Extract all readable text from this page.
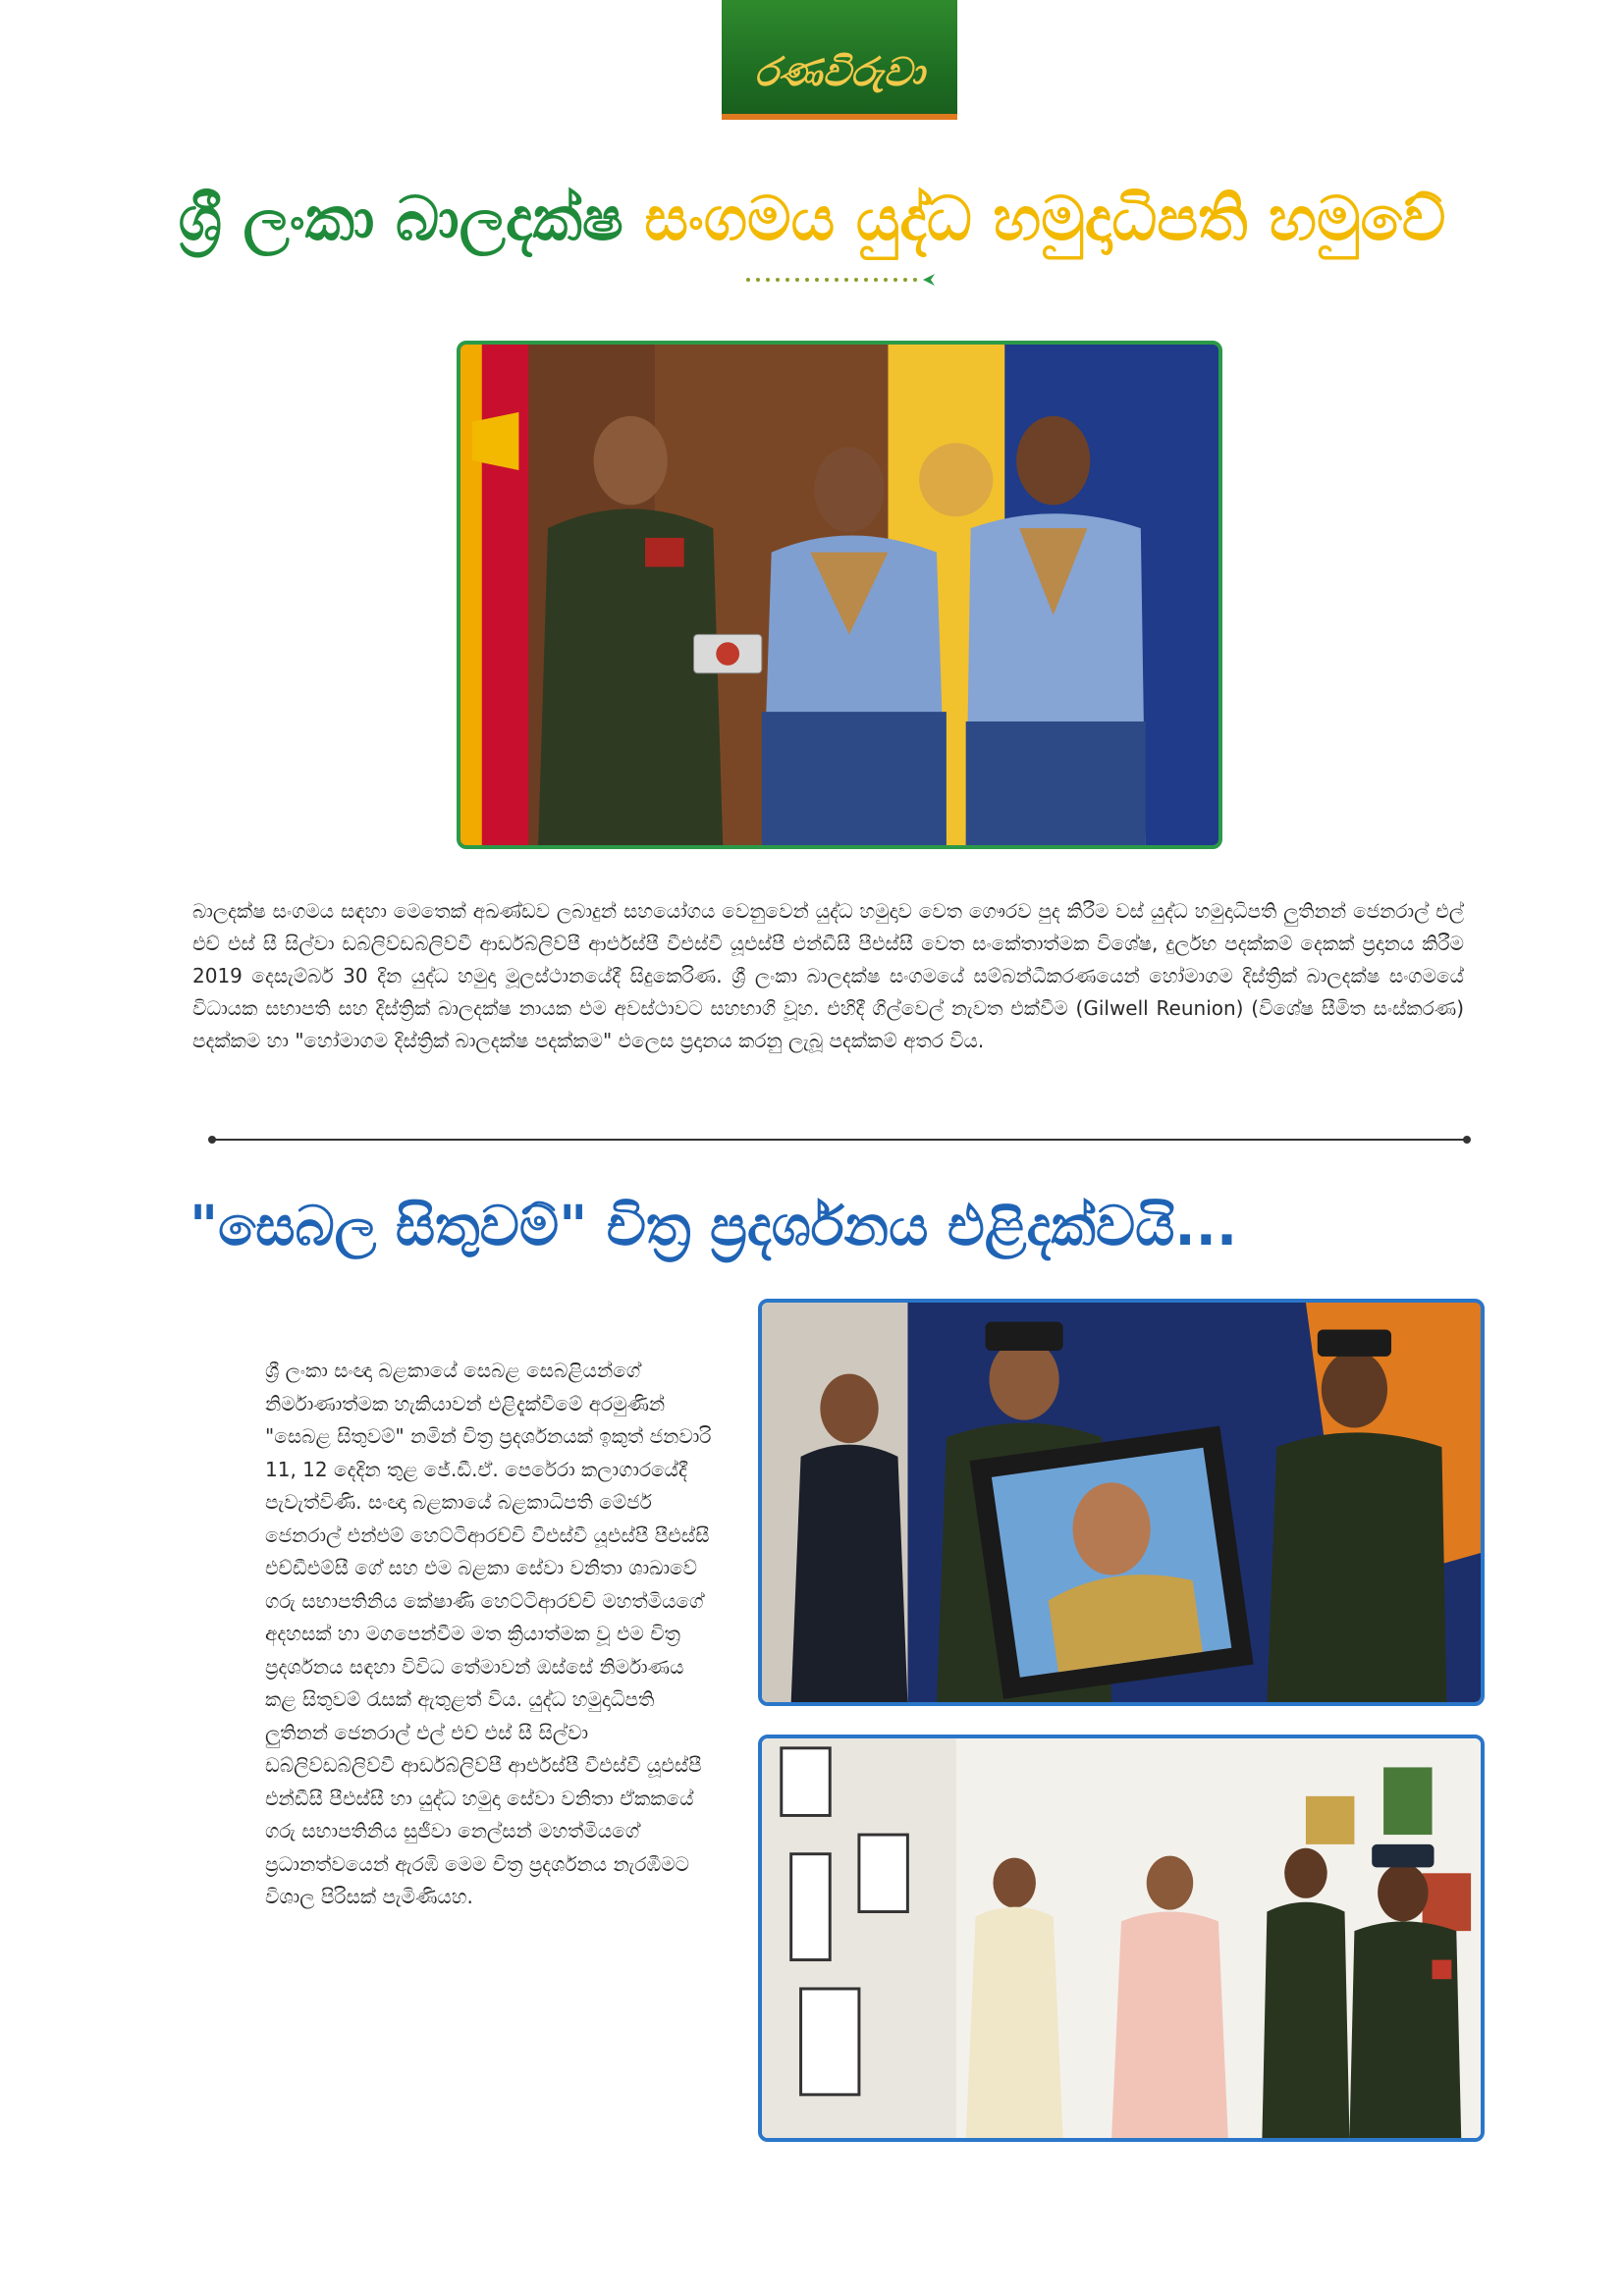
රණවිරුවා
ශ්‍රී ලංකා බාලදක්ෂ සංගමය යුද්ධ හමුදාධිපති හමුවේ

බාලදක්ෂ සංගමය සඳහා මෙතෙක් අඛණ්ඩව ලබාදුන් සහයෝගය වෙනුවෙන් යුද්ධ හමුදාව වෙත ගෞරව පුද කිරීම වස් යුද්ධ හමුදාධිපති ලුතිනන් ජෙනරාල් එල් එච් එස් සී සිල්වා ඩබ්ලිව්ඩබ්ලිව්වී ආර්ඩබ්ලිව්පී ආර්එස්පී වීඑස්වී යූඑස්පී එන්ඩීසී පීඑස්සී වෙත සංකේතාත්මක විශේෂ, දුර්ලභ පදක්කම් දෙකක් ප්‍රදානය කිරීම 2019 දෙසැම්බර් 30 දින යුද්ධ හමුදා මූලස්ථානයේදී සිදුකෙරිණ. ශ්‍රී ලංකා බාලදක්ෂ සංගමයේ සම්බන්ධීකරණයෙන් හෝමාගම දිස්ත්‍රික් බාලදක්ෂ සංගමයේ විධායක සභාපති සහ දිස්ත්‍රික් බාලදක්ෂ නායක එම අවස්ථාවට සහභාගි වූහ. එහිදී ගිල්වෙල් නැවත එක්වීම (Gilwell Reunion) (විශේෂ සීමිත සංස්කරණ) පදක්කම හා "හෝමාගම දිස්ත්‍රික් බාලදක්ෂ පදක්කම" එලෙස ප්‍රදානය කරනු ලැබූ පදක්කම් අතර විය.

"සෙබල සිතුවම්" චිත්‍ර ප්‍රදර්ශනය එළිදක්වයි...

ශ්‍රී ලංකා සංඥා බළකායේ සෙබළ සෙබළියන්ගේ නිර්මාණාත්මක හැකියාවන් එළිදැක්වීමේ අරමුණින් "සෙබළ සිතුවම්" නමින් චිත්‍ර ප්‍රදර්ශනයක් ඉකුත් ජනවාරි 11, 12 දෙදින තුළ ජේ.ඩී.ඒ. පෙරේරා කලාගාරයේදී පැවැත්විණි. සංඥා බළකායේ බළකාධිපති මේජර් ජෙනරාල් එන්එම් හෙට්ටිආරච්චි වීඑස්වී යූඑස්පී පීඑස්සී එච්ඩීඑම්සී ගේ සහ එම බළකා සේවා වනිතා ශාඛාවේ ගරු සභාපතිනිය කේෂාණි හෙට්ටිආරච්චි මහත්මියගේ අදහසක් හා මගපෙන්වීම මත ක්‍රියාත්මක වූ එම චිත්‍ර ප්‍රදර්ශනය සඳහා විවිධ තේමාවන් ඔස්සේ නිර්මාණය කළ සිතුවම් රැසක් ඇතුළත් විය. යුද්ධ හමුදාධිපති ලුතිනන් ජෙනරාල් එල් එච් එස් සී සිල්වා ඩබ්ලිව්ඩබ්ලිව්වී ආර්ඩබ්ලිව්පී ආර්එස්පී වීඑස්වී යූඑස්පී එන්ඩීසී පීඑස්සී හා යුද්ධ හමුදා සේවා වනිතා ඒකකයේ ගරු සභාපතිනිය සුජීවා නෙල්සන් මහත්මියගේ ප්‍රධානත්වයෙන් ඇරඹි මෙම චිත්‍ර ප්‍රදර්ශනය නැරඹීමට විශාල පිරිසක් පැමිණියහ.
